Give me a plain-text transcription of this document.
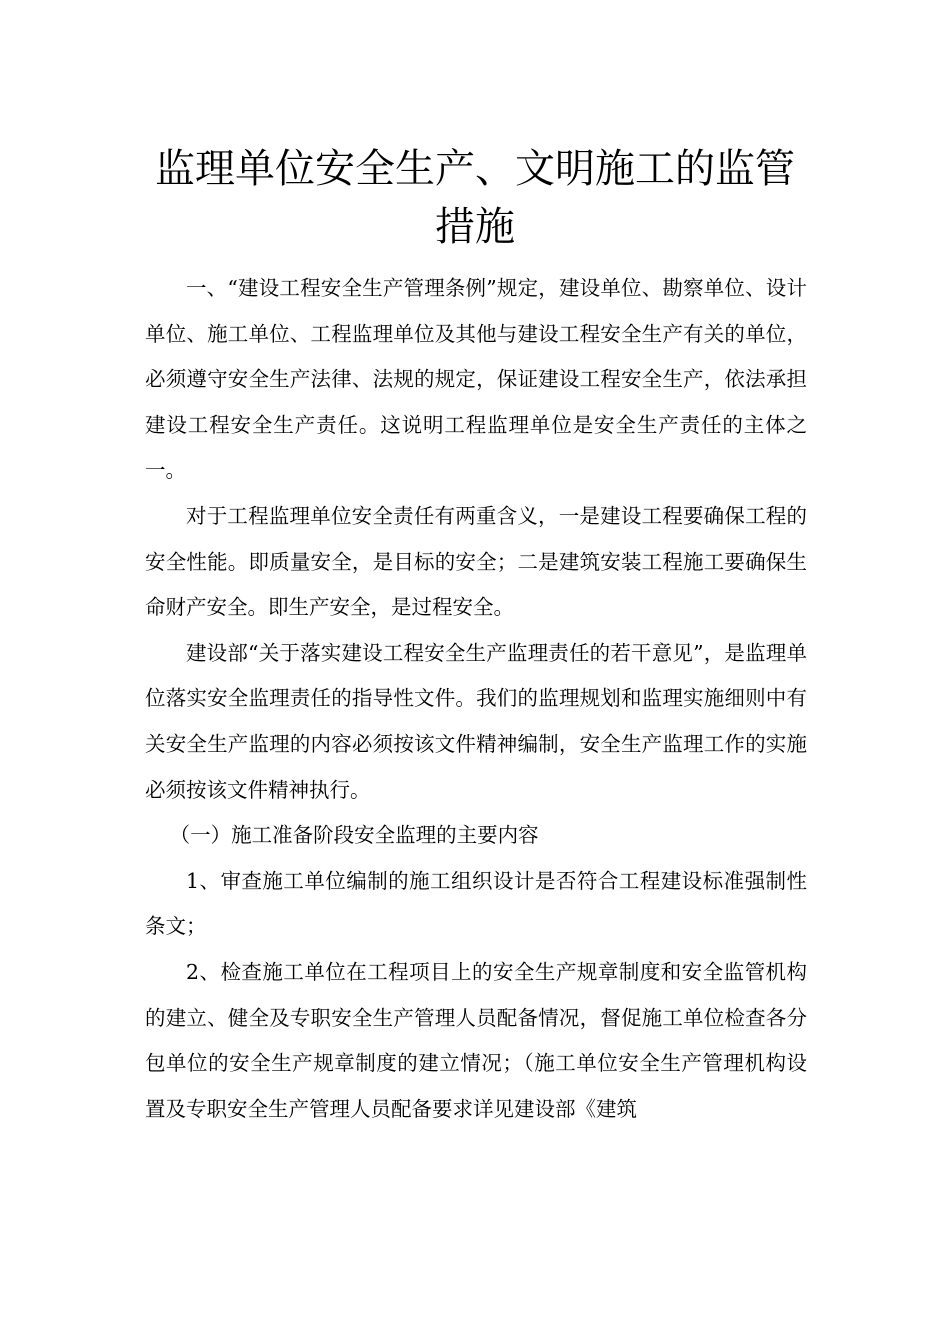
监理单位安全生产、文明施工的监管措施

一、“建设工程安全生产管理条例”规定，建设单位、勘察单位、设计单位、施工单位、工程监理单位及其他与建设工程安全生产有关的单位，必须遵守安全生产法律、法规的规定，保证建设工程安全生产，依法承担建设工程安全生产责任。这说明工程监理单位是安全生产责任的主体之一。

对于工程监理单位安全责任有两重含义，一是建设工程要确保工程的安全性能。即质量安全，是目标的安全；二是建筑安装工程施工要确保生命财产安全。即生产安全，是过程安全。

建设部“关于落实建设工程安全生产监理责任的若干意见”，是监理单位落实安全监理责任的指导性文件。我们的监理规划和监理实施细则中有关安全生产监理的内容必须按该文件精神编制，安全生产监理工作的实施必须按该文件精神执行。

（一）施工准备阶段安全监理的主要内容

1、审查施工单位编制的施工组织设计是否符合工程建设标准强制性条文；

2、检查施工单位在工程项目上的安全生产规章制度和安全监管机构的建立、健全及专职安全生产管理人员配备情况，督促施工单位检查各分包单位的安全生产规章制度的建立情况；（施工单位安全生产管理机构设置及专职安全生产管理人员配备要求详见建设部《建筑
